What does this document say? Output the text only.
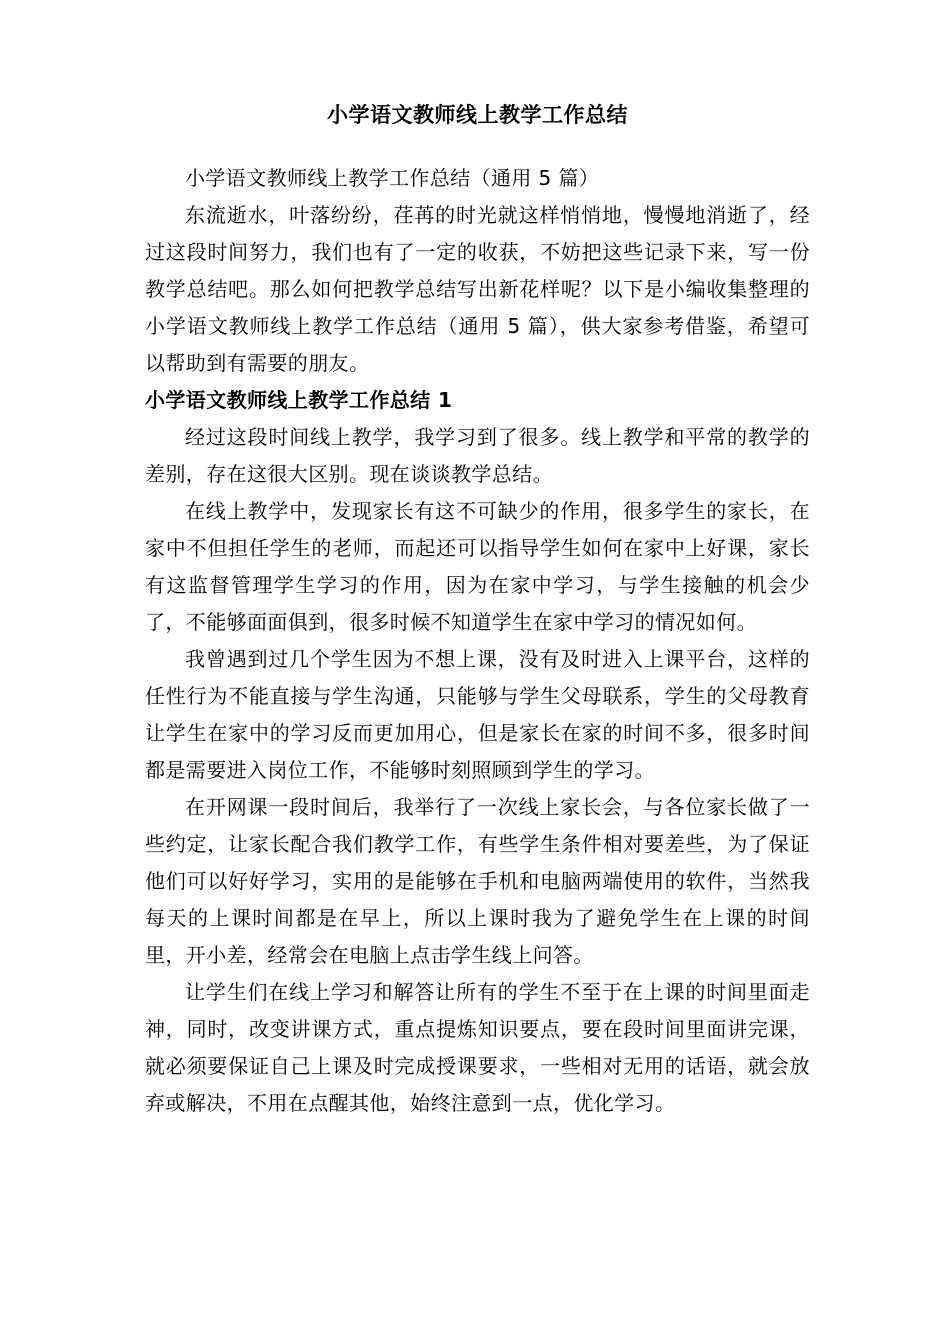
小学语文教师线上教学工作总结

小学语文教师线上教学工作总结（通用 5 篇）

东流逝水，叶落纷纷，荏苒的时光就这样悄悄地，慢慢地消逝了，经过这段时间努力，我们也有了一定的收获，不妨把这些记录下来，写一份教学总结吧。那么如何把教学总结写出新花样呢？以下是小编收集整理的小学语文教师线上教学工作总结（通用 5 篇），供大家参考借鉴，希望可以帮助到有需要的朋友。

小学语文教师线上教学工作总结 1

经过这段时间线上教学，我学习到了很多。线上教学和平常的教学的差别，存在这很大区别。现在谈谈教学总结。

在线上教学中，发现家长有这不可缺少的作用，很多学生的家长，在家中不但担任学生的老师，而起还可以指导学生如何在家中上好课，家长有这监督管理学生学习的作用，因为在家中学习，与学生接触的机会少了，不能够面面俱到，很多时候不知道学生在家中学习的情况如何。

我曾遇到过几个学生因为不想上课，没有及时进入上课平台，这样的任性行为不能直接与学生沟通，只能够与学生父母联系，学生的父母教育让学生在家中的学习反而更加用心，但是家长在家的时间不多，很多时间都是需要进入岗位工作，不能够时刻照顾到学生的学习。

在开网课一段时间后，我举行了一次线上家长会，与各位家长做了一些约定，让家长配合我们教学工作，有些学生条件相对要差些，为了保证他们可以好好学习，实用的是能够在手机和电脑两端使用的软件，当然我每天的上课时间都是在早上，所以上课时我为了避免学生在上课的时间里，开小差，经常会在电脑上点击学生线上问答。

让学生们在线上学习和解答让所有的学生不至于在上课的时间里面走神，同时，改变讲课方式，重点提炼知识要点，要在段时间里面讲完课，就必须要保证自己上课及时完成授课要求，一些相对无用的话语，就会放弃或解决，不用在点醒其他，始终注意到一点，优化学习。
